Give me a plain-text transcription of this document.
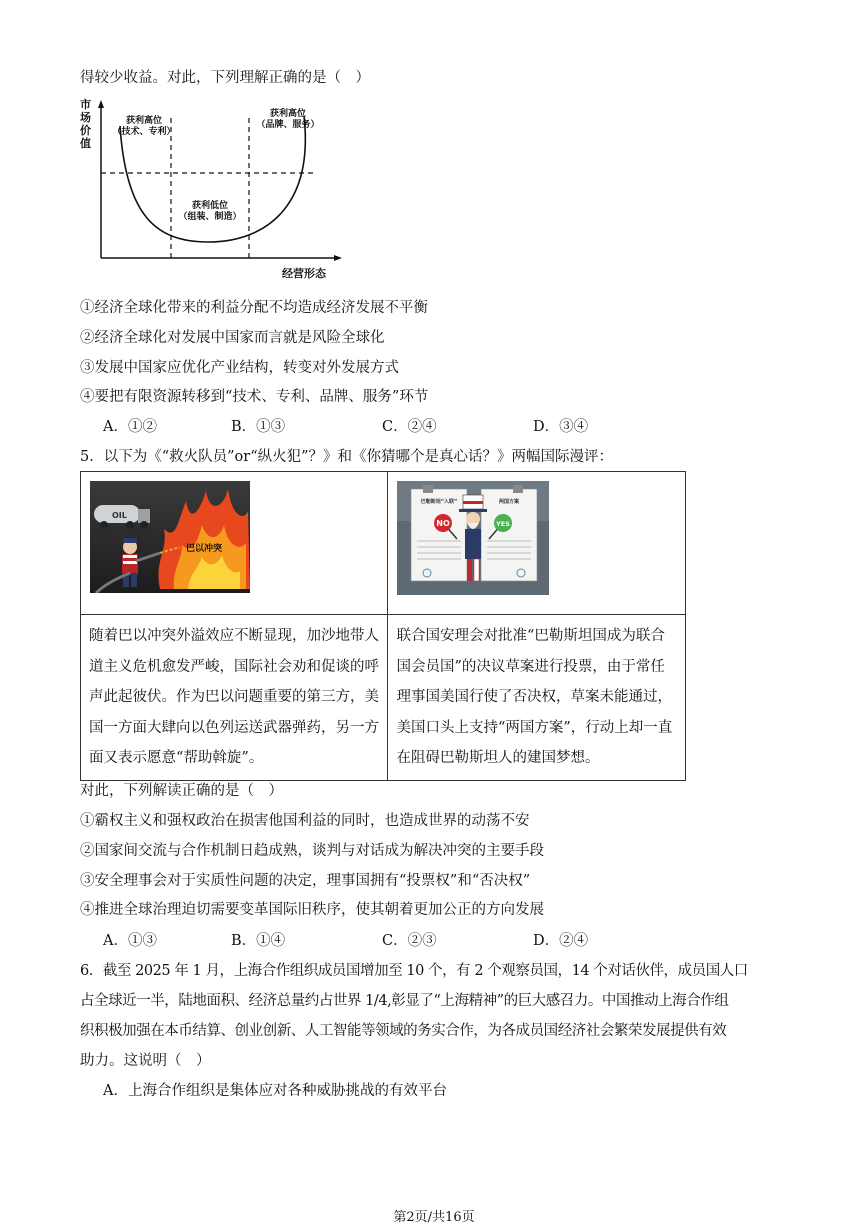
得较少收益。对此，下列理解正确的是（　）
市场价值
获利高位
（技术、专利）
获利高位
（品牌、服务）
获利低位
（组装、制造）
经营形态
①经济全球化带来的利益分配不均造成经济发展不平衡
②经济全球化对发展中国家而言就是风险全球化
③发展中国家应优化产业结构，转变对外发展方式
④要把有限资源转移到“技术、专利、品牌、服务”环节
A．①②	B．①③	C．②④	D．③④
5．以下为《“救火队员”or“纵火犯”？》和《你猜哪个是真心话？》两幅国际漫评：
OIL
巴以冲突	巴勒斯坦“入联” 两国方案
NO YES

随着巴以冲突外溢效应不断显现，加沙地带人道主义危机愈发严峻，国际社会劝和促谈的呼声此起彼伏。作为巴以问题重要的第三方，美国一方面大肆向以色列运送武器弹药，另一方面又表示愿意“帮助斡旋”。	联合国安理会对批准“巴勒斯坦国成为联合国会员国”的决议草案进行投票，由于常任理事国美国行使了否决权，草案未能通过，美国口头上支持“两国方案”，行动上却一直在阻碍巴勒斯坦人的建国梦想。
对此，下列解读正确的是（　）
①霸权主义和强权政治在损害他国利益的同时，也造成世界的动荡不安
②国家间交流与合作机制日趋成熟，谈判与对话成为解决冲突的主要手段
③安全理事会对于实质性问题的决定，理事国拥有“投票权”和“否决权”
④推进全球治理迫切需要变革国际旧秩序，使其朝着更加公正的方向发展
A．①③	B．①④	C．②③	D．②④
6．截至 2025 年 1 月，上海合作组织成员国增加至 10 个，有 2 个观察员国，14 个对话伙伴，成员国人口
占全球近一半，陆地面积、经济总量约占世界 1/4,彰显了“上海精神”的巨大感召力。中国推动上海合作组
织积极加强在本币结算、创业创新、人工智能等领域的务实合作，为各成员国经济社会繁荣发展提供有效
助力。这说明（　）
A．上海合作组织是集体应对各种威胁挑战的有效平台
第2页/共16页
